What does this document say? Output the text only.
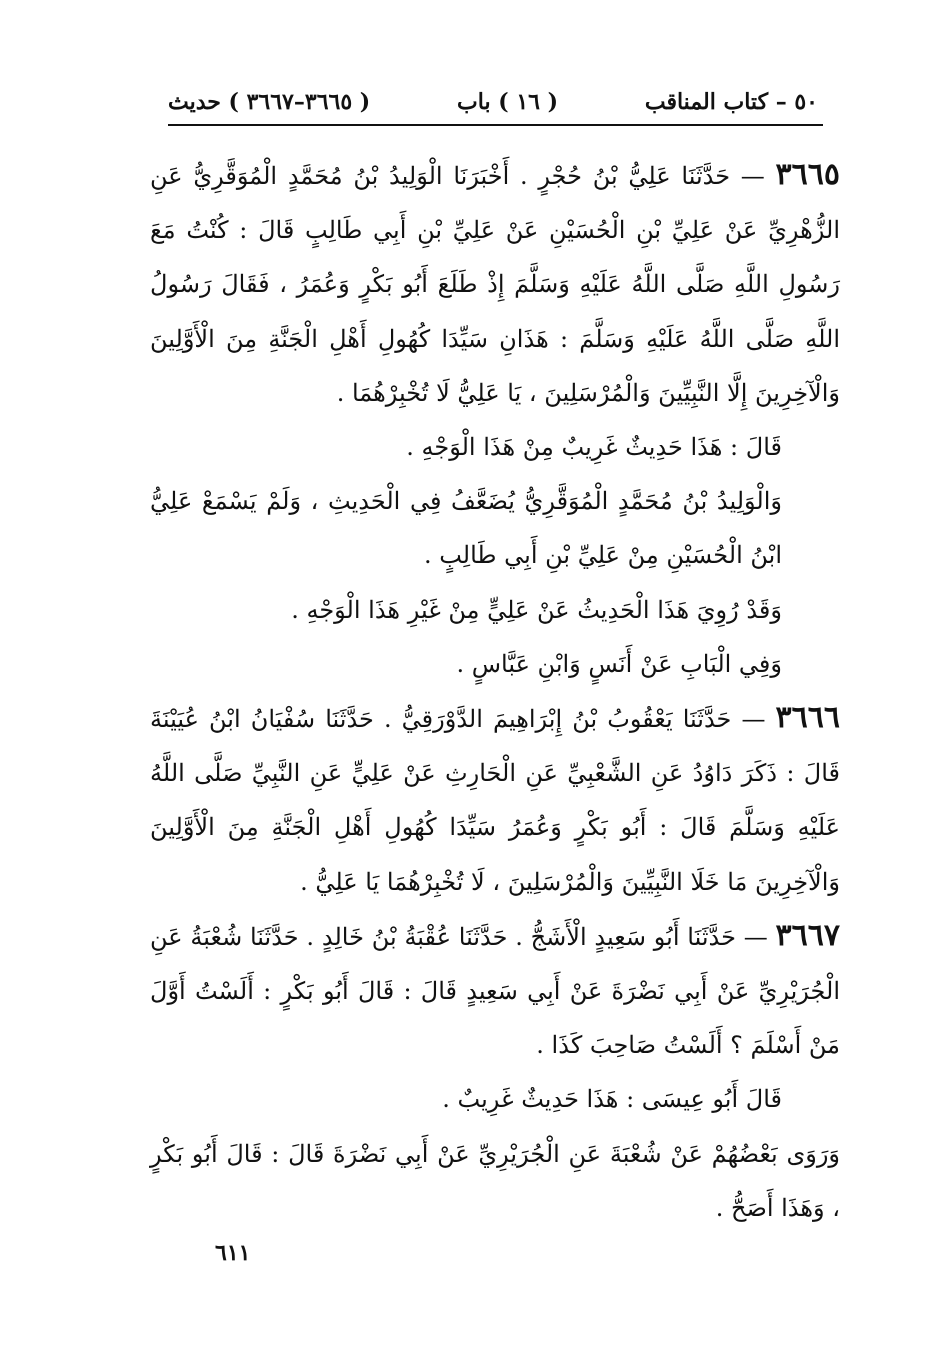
٥٠ – كتاب المناقب
( ١٦ ) باب
( ٣٦٦٥–٣٦٦٧ ) حديث

٣٦٦٥ — حَدَّثَنَا عَلِيُّ بْنُ حُجْرٍ . أَخْبَرَنَا الْوَلِيدُ بْنُ مُحَمَّدٍ الْمُوَقَّرِيُّ عَنِ الزُّهْرِيِّ عَنْ عَلِيِّ بْنِ الْحُسَيْنِ عَنْ عَلِيِّ بْنِ أَبِي طَالِبٍ قَالَ : كُنْتُ مَعَ رَسُولِ اللَّهِ صَلَّى اللَّهُ عَلَيْهِ وَسَلَّمَ إِذْ طَلَعَ أَبُو بَكْرٍ وَعُمَرُ ، فَقَالَ رَسُولُ اللَّهِ صَلَّى اللَّهُ عَلَيْهِ وَسَلَّمَ : هَذَانِ سَيِّدَا كُهُولِ أَهْلِ الْجَنَّةِ مِنَ الْأَوَّلِينَ وَالْآخِرِينَ إِلَّا النَّبِيِّينَ وَالْمُرْسَلِينَ ، يَا عَلِيُّ لَا تُخْبِرْهُمَا .

قَالَ : هَذَا حَدِيثٌ غَرِيبٌ مِنْ هَذَا الْوَجْهِ .

وَالْوَلِيدُ بْنُ مُحَمَّدٍ الْمُوَقَّرِيُّ يُضَعَّفُ فِي الْحَدِيثِ ، وَلَمْ يَسْمَعْ عَلِيُّ ابْنُ الْحُسَيْنِ مِنْ عَلِيِّ بْنِ أَبِي طَالِبٍ .

وَقَدْ رُوِيَ هَذَا الْحَدِيثُ عَنْ عَلِيٍّ مِنْ غَيْرِ هَذَا الْوَجْهِ .

وَفِي الْبَابِ عَنْ أَنَسٍ وَابْنِ عَبَّاسٍ .

٣٦٦٦ — حَدَّثَنَا يَعْقُوبُ بْنُ إِبْرَاهِيمَ الدَّوْرَقِيُّ . حَدَّثَنَا سُفْيَانُ ابْنُ عُيَيْنَةَ قَالَ : ذَكَرَ دَاوُدُ عَنِ الشَّعْبِيِّ عَنِ الْحَارِثِ عَنْ عَلِيٍّ عَنِ النَّبِيِّ صَلَّى اللَّهُ عَلَيْهِ وَسَلَّمَ قَالَ : أَبُو بَكْرٍ وَعُمَرُ سَيِّدَا كُهُولِ أَهْلِ الْجَنَّةِ مِنَ الْأَوَّلِينَ وَالْآخِرِينَ مَا خَلَا النَّبِيِّينَ وَالْمُرْسَلِينَ ، لَا تُخْبِرْهُمَا يَا عَلِيُّ .

٣٦٦٧ — حَدَّثَنَا أَبُو سَعِيدٍ الْأَشَجُّ . حَدَّثَنَا عُقْبَةُ بْنُ خَالِدٍ . حَدَّثَنَا شُعْبَةُ عَنِ الْجُرَيْرِيِّ عَنْ أَبِي نَضْرَةَ عَنْ أَبِي سَعِيدٍ قَالَ : قَالَ أَبُو بَكْرٍ : أَلَسْتُ أَوَّلَ مَنْ أَسْلَمَ ؟ أَلَسْتُ صَاحِبَ كَذَا .

قَالَ أَبُو عِيسَى : هَذَا حَدِيثٌ غَرِيبٌ .

وَرَوَى بَعْضُهُمْ عَنْ شُعْبَةَ عَنِ الْجُرَيْرِيِّ عَنْ أَبِي نَضْرَةَ قَالَ : قَالَ أَبُو بَكْرٍ ، وَهَذَا أَصَحُّ .

٦١١
